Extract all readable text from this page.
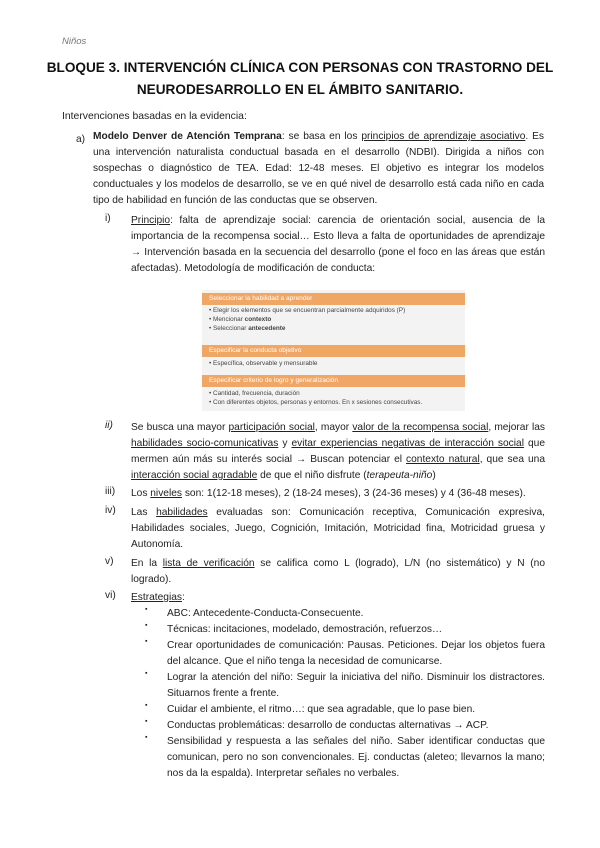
Niños
BLOQUE 3. INTERVENCIÓN CLÍNICA CON PERSONAS CON TRASTORNO DEL NEURODESARROLLO EN EL ÁMBITO SANITARIO.
Intervenciones basadas en la evidencia:
a) Modelo Denver de Atención Temprana: se basa en los principios de aprendizaje asociativo. Es una intervención naturalista conductual basada en el desarrollo (NDBI). Dirigida a niños con sospechas o diagnóstico de TEA. Edad: 12-48 meses. El objetivo es integrar los modelos conductuales y los modelos de desarrollo, se ve en qué nivel de desarrollo está cada niño en cada tipo de habilidad en función de las conductas que se observen.
i) Principio: falta de aprendizaje social: carencia de orientación social, ausencia de la importancia de la recompensa social… Esto lleva a falta de oportunidades de aprendizaje → Intervención basada en la secuencia del desarrollo (pone el foco en las áreas que están afectadas). Metodología de modificación de conducta:
Seleccionar la habilidad a aprender
• Elegir los elementos que se encuentran parcialmente adquiridos (P)
• Mencionar contexto
• Seleccionar antecedente
Especificar la conducta objetivo
• Específica, observable y mensurable
Especificar criterio de logro y generalización
• Cantidad, frecuencia, duración
• Con diferentes objetos, personas y entornos. En x sesiones consecutivas.
ii) Se busca una mayor participación social, mayor valor de la recompensa social, mejorar las habilidades socio-comunicativas y evitar experiencias negativas de interacción social que mermen aún más su interés social → Buscan potenciar el contexto natural, que sea una interacción social agradable de que el niño disfrute (terapeuta-niño)
iii) Los niveles son: 1(12-18 meses), 2 (18-24 meses), 3 (24-36 meses) y 4 (36-48 meses).
iv) Las habilidades evaluadas son: Comunicación receptiva, Comunicación expresiva, Habilidades sociales, Juego, Cognición, Imitación, Motricidad fina, Motricidad gruesa y Autonomía.
v) En la lista de verificación se califica como L (logrado), L/N (no sistemático) y N (no logrado).
vi) Estrategias:
▪ ABC: Antecedente-Conducta-Consecuente.
▪ Técnicas: incitaciones, modelado, demostración, refuerzos…
▪ Crear oportunidades de comunicación: Pausas. Peticiones. Dejar los objetos fuera del alcance. Que el niño tenga la necesidad de comunicarse.
▪ Lograr la atención del niño: Seguir la iniciativa del niño. Disminuir los distractores. Situarnos frente a frente.
▪ Cuidar el ambiente, el ritmo…: que sea agradable, que lo pase bien.
▪ Conductas problemáticas: desarrollo de conductas alternativas → ACP.
▪ Sensibilidad y respuesta a las señales del niño. Saber identificar conductas que comunican, pero no son convencionales. Ej. conductas (aleteo; llevarnos la mano; nos da la espalda). Interpretar señales no verbales.
